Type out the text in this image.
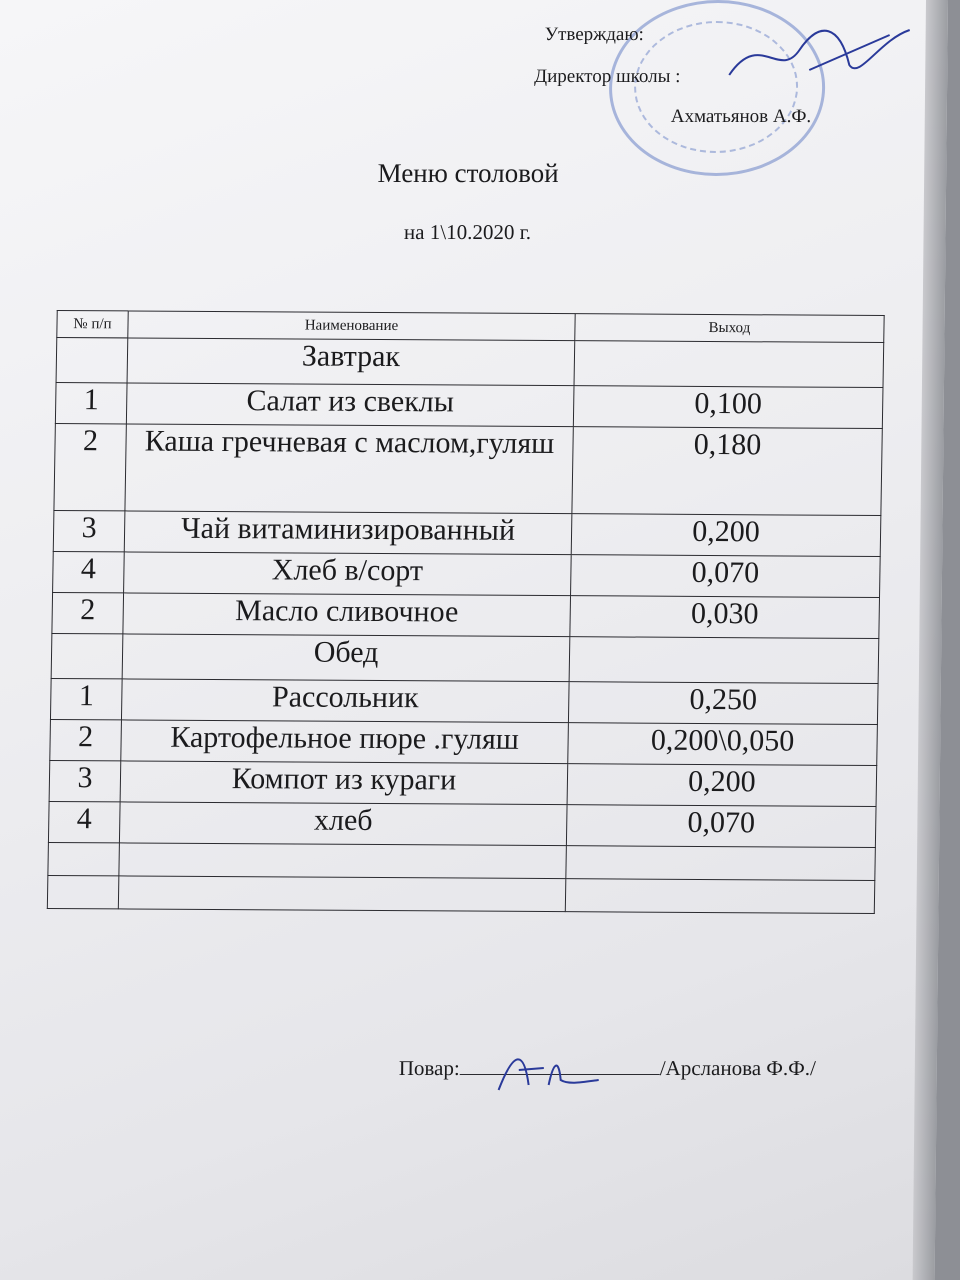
Утверждаю:
Директор школы :
Ахматьянов А.Ф.
Меню столовой
на 1\10.2020 г.
№ п/п	Наименование	Выход
	Завтрак	
1	Салат из свеклы	0,100
2	Каша гречневая с маслом,гуляш	0,180
3	Чай витаминизированный	0,200
4	Хлеб в/сорт	0,070
2	Масло сливочное	0,030
	Обед	
1	Рассольник	0,250
2	Картофельное пюре .гуляш	0,200\0,050
3	Компот из кураги	0,200
4	хлеб	0,070

Повар:	/Арсланова Ф.Ф./
